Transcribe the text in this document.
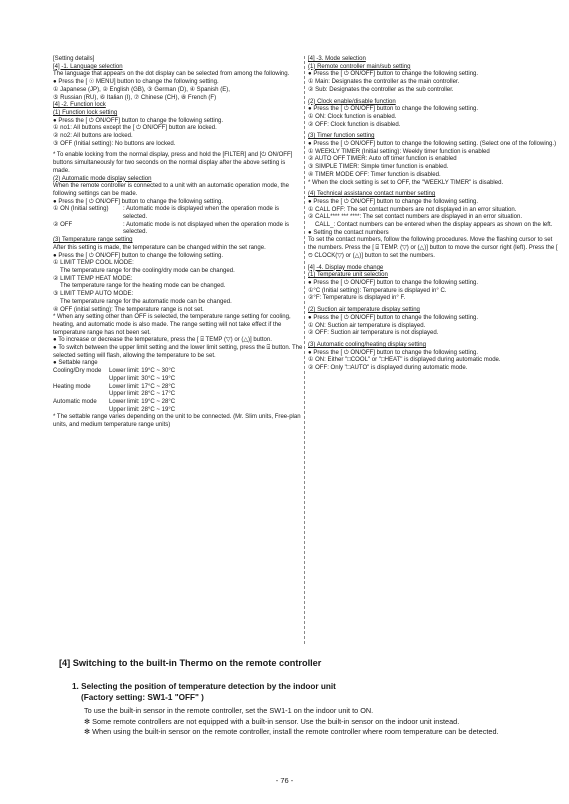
[Setting details]

[4] -1. Language selection

The language that appears on the dot display can be selected from among the following.

● Press the [ ☉ MENU] button to change the following setting.

① Japanese (JP), ② English (GB), ③ German (D), ④ Spanish (E),

⑤ Russian (RU), ⑥ Italian (I), ⑦ Chinese (CH), ⑧ French (F)

[4] -2. Function lock

(1) Function lock setting

● Press the [ ⏻ ON/OFF] button to change the following setting.

① no1: All buttons except the [ ⏻ ON/OFF] button are locked.

② no2: All buttons are locked.

③ OFF (Initial setting): No buttons are locked.

* To enable locking from the normal display, press and hold the [FILTER] and [⏻ ON/OFF] buttons simultaneously for two seconds on the normal display after the above setting is made.

(2) Automatic mode display selection

When the remote controller is connected to a unit with an automatic operation mode, the following settings can be made.

● Press the [ ⏻ ON/OFF] button to change the following setting.

① ON (Initial setting)	: Automatic mode is displayed when the operation mode is selected.
② OFF	: Automatic mode is not displayed when the operation mode is selected.

(3) Temperature range setting

After this setting is made, the temperature can be changed within the set range.

● Press the [ ⏻ ON/OFF] button to change the following setting.

① LIMIT TEMP COOL MODE:

The temperature range for the cooling/dry mode can be changed.

② LIMIT TEMP HEAT MODE:

The temperature range for the heating mode can be changed.

③ LIMIT TEMP AUTO MODE:

The temperature range for the automatic mode can be changed.

④ OFF (initial setting): The temperature range is not set.

* When any setting other than OFF is selected, the temperature range setting for cooling, heating, and automatic mode is also made. The range setting will not take effect if the temperature range has not been set.

● To increase or decrease the temperature, press the [ ⌸ TEMP (▽) or (△)] button.

● To switch between the upper limit setting and the lower limit setting, press the ⌸ button. The selected setting will flash, allowing the temperature to be set.

● Settable range

Cooling/Dry mode	Lower limit: 19°C ~ 30°C
Upper limit: 30°C ~ 19°C
Heating mode	Lower limit: 17°C ~ 28°C
Upper limit: 28°C ~ 17°C
Automatic mode	Lower limit: 19°C ~ 28°C
Upper limit: 28°C ~ 19°C

* The settable range varies depending on the unit to be connected. (Mr. Slim units, Free-plan units, and medium temperature range units)

[4] -3. Mode selection

(1) Remote controller main/sub setting

● Press the [ ⏻ ON/OFF] button to change the following setting.

① Main: Designates the controller as the main controller.

② Sub: Designates the controller as the sub controller.

(2) Clock enable/disable function

● Press the [ ⏻ ON/OFF] button to change the following setting.

① ON: Clock function is enabled.

② OFF: Clock function is disabled.

(3) Timer function setting

● Press the [ ⏻ ON/OFF] button to change the following setting. (Select one of the following.)

① WEEKLY TIMER (Initial setting): Weekly timer function is enabled

② AUTO OFF TIMER: Auto off timer function is enabled

③ SIMPLE TIMER: Simple timer function is enabled.

④ TIMER MODE OFF: Timer function is disabled.

* When the clock setting is set to OFF, the "WEEKLY TIMER" is disabled.

(4) Technical assistance contact number setting

● Press the [ ⏻ ON/OFF] button to change the following setting.

① CALL OFF: The set contact numbers are not displayed in an error situation.

② CALL**** *** ****: The set contact numbers are displayed in an error situation.

CALL_: Contact numbers can be entered when the display appears as shown on the left.

● Setting the contact numbers

To set the contact numbers, follow the following procedures. Move the flashing cursor to set the numbers. Press the [ ⌸ TEMP. (▽) or (△)] button to move the cursor right (left). Press the [ ⏲ CLOCK(▽) or (△)] button to set the numbers.

[4] -4. Display mode change

(1) Temperature unit selection

● Press the [ ⏻ ON/OFF] button to change the following setting.

①°C (Initial setting): Temperature is displayed in° C.

②°F: Temperature is displayed in° F.

(2) Suction air temperature display setting

● Press the [ ⏻ ON/OFF] button to change the following setting.

① ON: Suction air temperature is displayed.

② OFF: Suction air temperature is not displayed.

(3) Automatic cooling/heating display setting

● Press the [ ⏻ ON/OFF] button to change the following setting.

① ON: Either "□COOL" or "□HEAT" is displayed during automatic mode.

② OFF: Only "□AUTO" is displayed during automatic mode.

[4] Switching to the built-in Thermo on the remote controller
1. Selecting the position of temperature detection by the indoor unit
(Factory setting: SW1-1 "OFF" )

To use the built-in sensor in the remote controller, set the SW1-1 on the indoor unit to ON.

✻ Some remote controllers are not equipped with a built-in sensor. Use the built-in sensor on the indoor unit instead.

✻ When using the built-in sensor on the remote controller, install the remote controller where room temperature can be detected.

- 76 -
